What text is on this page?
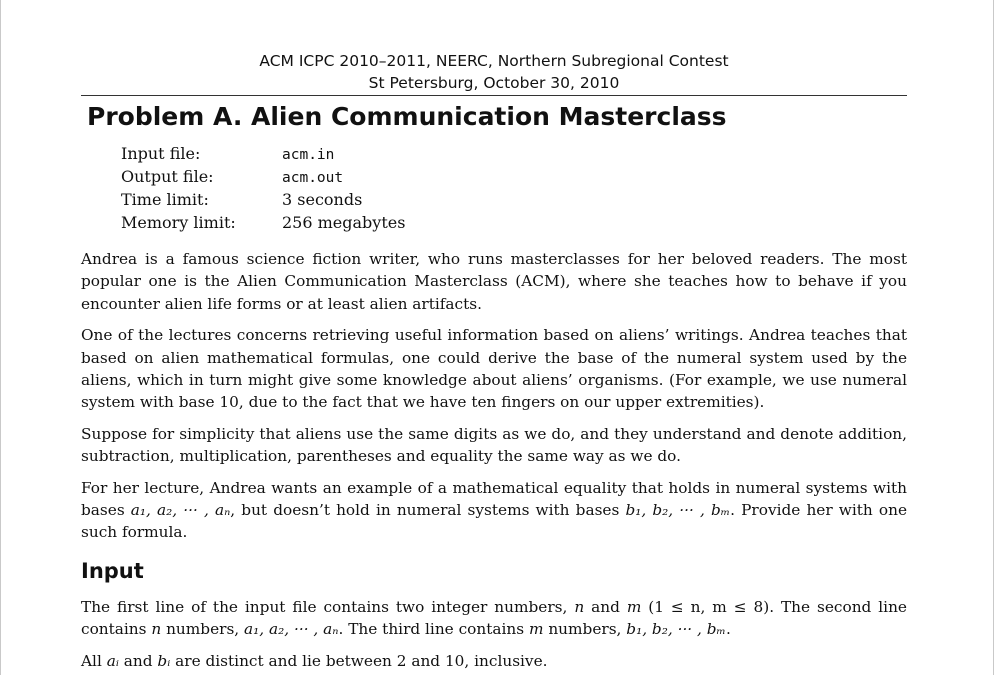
ACM ICPC 2010–2011, NEERC, Northern Subregional Contest
St Petersburg, October 30, 2010
Problem A. Alien Communication Masterclass
Input file:	acm.in
Output file:	acm.out
Time limit:	3 seconds
Memory limit:	256 megabytes

Andrea is a famous science fiction writer, who runs masterclasses for her beloved readers. The most popular one is the Alien Communication Masterclass (ACM), where she teaches how to behave if you encounter alien life forms or at least alien artifacts.

One of the lectures concerns retrieving useful information based on aliens’ writings. Andrea teaches that based on alien mathematical formulas, one could derive the base of the numeral system used by the aliens, which in turn might give some knowledge about aliens’ organisms. (For example, we use numeral system with base 10, due to the fact that we have ten fingers on our upper extremities).

Suppose for simplicity that aliens use the same digits as we do, and they understand and denote addition, subtraction, multiplication, parentheses and equality the same way as we do.

For her lecture, Andrea wants an example of a mathematical equality that holds in numeral systems with bases a₁, a₂, ··· , aₙ, but doesn’t hold in numeral systems with bases b₁, b₂, ··· , bₘ. Provide her with one such formula.

Input

The first line of the input file contains two integer numbers, n and m (1 ≤ n, m ≤ 8). The second line contains n numbers, a₁, a₂, ··· , aₙ. The third line contains m numbers, b₁, b₂, ··· , bₘ.

All aᵢ and bᵢ are distinct and lie between 2 and 10, inclusive.
